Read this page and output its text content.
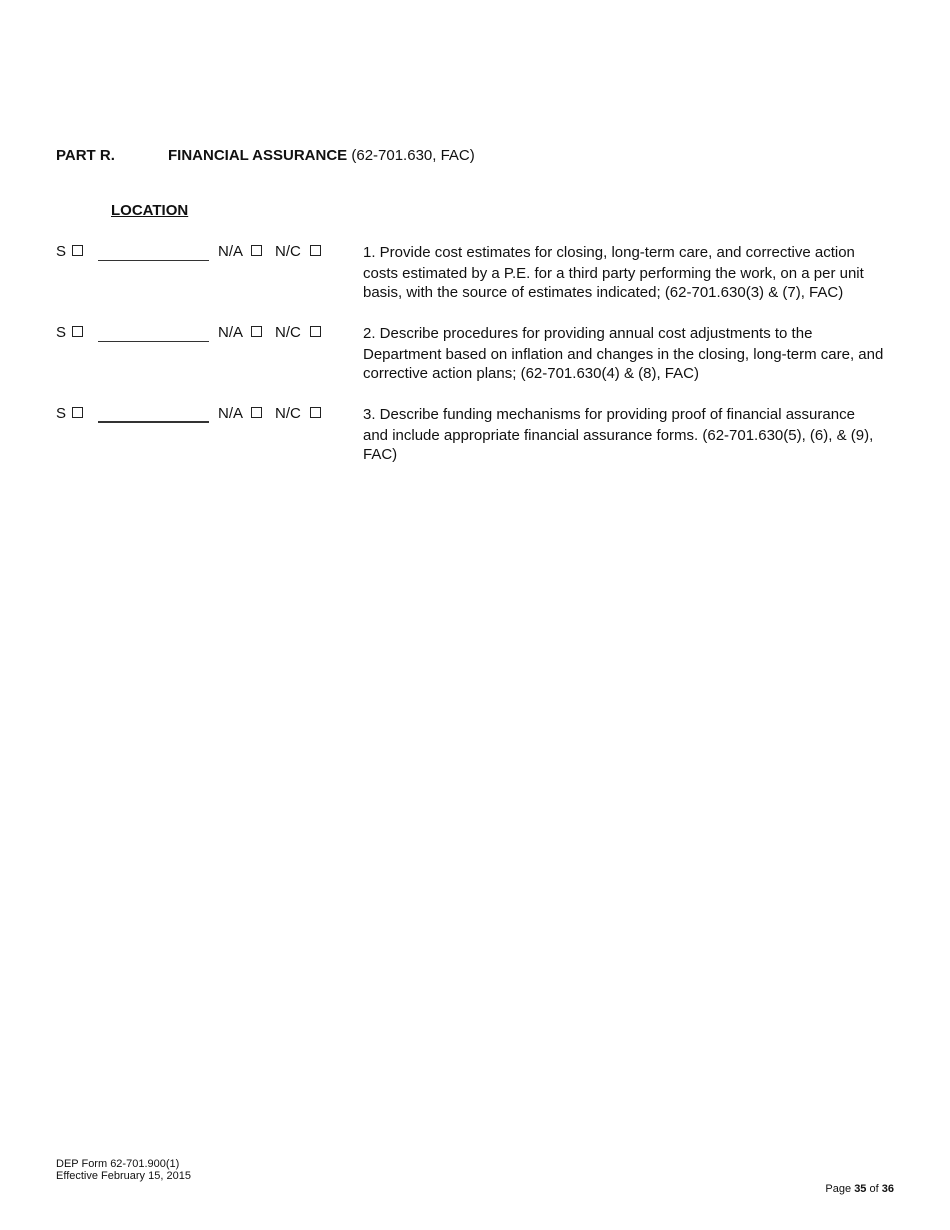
PART R.	FINANCIAL ASSURANCE (62-701.630, FAC)
LOCATION
S	N/A N/C	1. Provide cost estimates for closing, long-term care, and corrective action
costs estimated by a P.E. for a third party performing the work, on a per unit basis, with the source of estimates indicated; (62-701.630(3) & (7), FAC)
S	N/A N/C	2. Describe procedures for providing annual cost adjustments to the
Department based on inflation and changes in the closing, long-term care, and corrective action plans; (62-701.630(4) & (8), FAC)
S	N/A N/C	3. Describe funding mechanisms for providing proof of financial assurance
and include appropriate financial assurance forms. (62-701.630(5), (6), & (9), FAC)
DEP Form 62-701.900(1)
Effective February 15, 2015
Page 35 of 36
